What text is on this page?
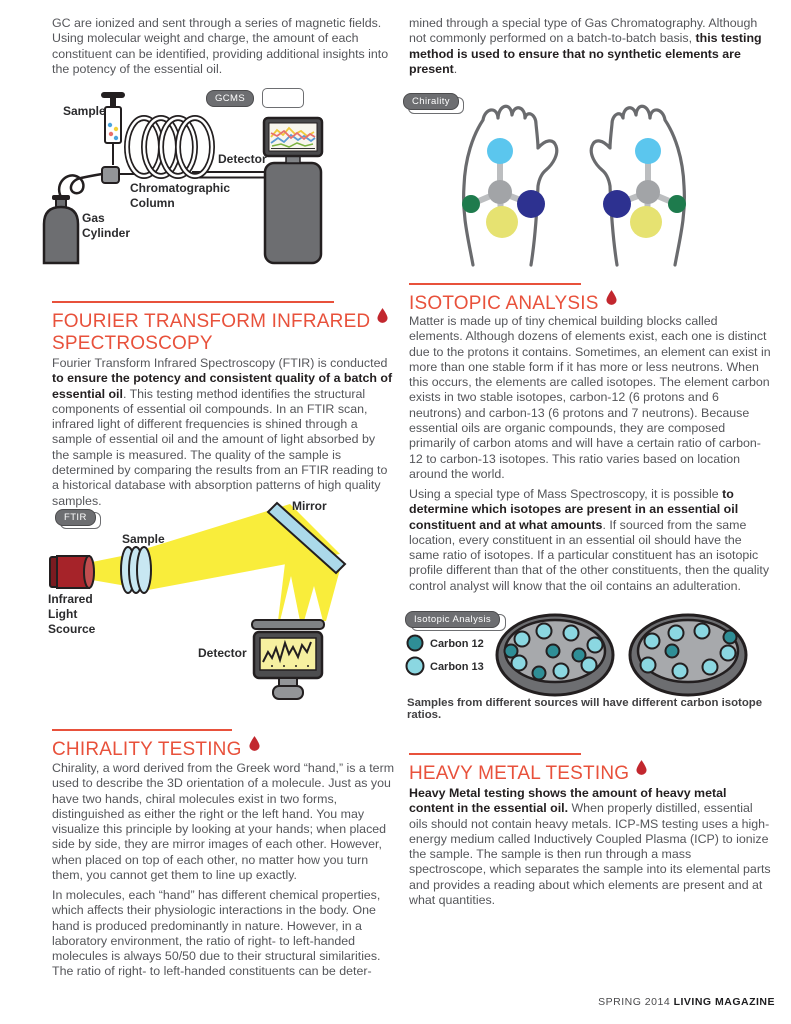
GC are ionized and sent through a series of magnetic fields. Using molecular weight and charge, the amount of each constituent can be identified, providing additional insights into the potency of the essential oil.
Sample
Detector
Chromatographic
Column
Gas
Cylinder
GCMS
FOURIER TRANSFORM INFRARED

SPECTROSCOPY
Fourier Transform Infrared Spectroscopy (FTIR) is conducted to ensure the potency and consistent quality of a batch of essential oil. This testing method identifies the structural components of essential oil compounds. In an FTIR scan, infrared light of different frequencies is shined through a sample of essential oil and the amount of light absorbed by the sample is measured. The quality of the sample is determined by comparing the results from an FTIR reading to a historical database with absorption patterns of high quality samples.	Mirror
Sample
Infrared
Light
Scource
Detector
FTIR
CHIRALITY TESTING
Chirality, a word derived from the Greek word “hand,” is a term used to describe the 3D orientation of a molecule. Just as you have two hands, chiral molecules exist in two forms, distinguished as either the right or the left hand. You may visualize this principle by looking at your hands; when placed side by side, they are mirror images of each other. However, when placed on top of each other, no matter how you turn them, you cannot get them to line up exactly.
In molecules, each “hand” has different chemical properties, which affects their physiologic interactions in the body. One hand is produced predominantly in nature. However, in a laboratory environment, the ratio of right- to left-handed molecules is always 50/50 due to their structural similarities. The ratio of right- to left-handed constituents can be deter-
mined through a special type of Gas Chromatography. Although not commonly performed on a batch-to-batch basis, this testing method is used to ensure that no synthetic elements are present.
Chirality
ISOTOPIC ANALYSIS
Matter is made up of tiny chemical building blocks called elements. Although dozens of elements exist, each one is distinct due to the protons it contains. Sometimes, an element can exist in more than one stable form if it has more or less neutrons. When this occurs, the elements are called isotopes. The element carbon exists in two stable isotopes, carbon-12 (6 protons and 6 neutrons) and carbon-13 (6 protons and 7 neutrons). Because essential oils are organic compounds, they are composed primarily of carbon atoms and will have a certain ratio of carbon-12 to carbon-13 isotopes. This ratio varies based on location around the world.
Using a special type of Mass Spectroscopy, it is possible to determine which isotopes are present in an essential oil constituent and at what amounts. If sourced from the same location, every constituent in an essential oil should have the same ratio of isotopes. If a particular constituent has an isotopic profile different than that of the other constituents, then the quality control analyst will know that the oil contains an adulteration.
Carbon 12
Carbon 13
Isotopic Analysis
Samples from different sources will have different carbon isotope ratios.
HEAVY METAL TESTING
Heavy Metal testing shows the amount of heavy metal content in the essential oil. When properly distilled, essential oils should not contain heavy metals. ICP-MS testing uses a high-energy medium called Inductively Coupled Plasma (ICP) to ionize the sample. The sample is then run through a mass spectroscope, which separates the sample into its elemental parts and provides a reading about which elements are present and at what quantities.
SPRING 2014 LIVING MAGAZINE
